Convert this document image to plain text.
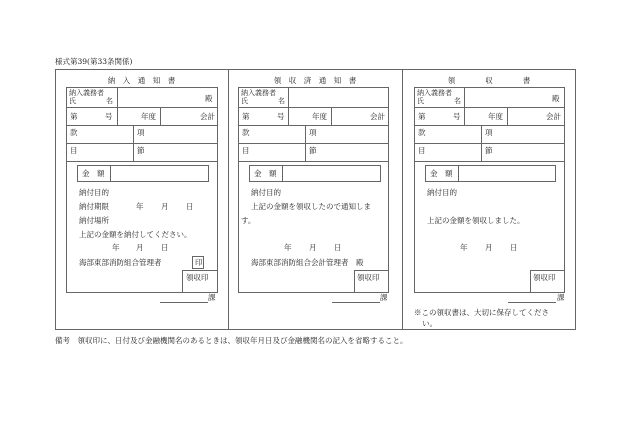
様式第39(第33条関係)
納　入　通　知　書
納入義務者
氏	名	殿
第	号	年度	会計
款	項
目	節
金　額
納付目的
納付期限	年 月 日
納付場所
上記の金額を納付してください。
年 月 日
海部東部消防組合管理者	印
領収印
課
領　収　済　通　知　書
納入義務者
氏	名
第	号	年度	会計
款	項
目	節
金　額
納付目的
上記の金額を領収したので通知しま
す。
年 月 日
海部東部消防組合会計管理者　殿
領収印
課
領　　　　収　　　　書
納入義務者
氏	名	殿
第	号	年度	会計
款	項
目	節
金　額
納付目的
上記の金額を領収しました。
年 月 日
領収印
課
※この領収書は、大切に保存してくださ
い。
備考　領収印に、日付及び金融機関名のあるときは、領収年月日及び金融機関名の記入を省略すること。
